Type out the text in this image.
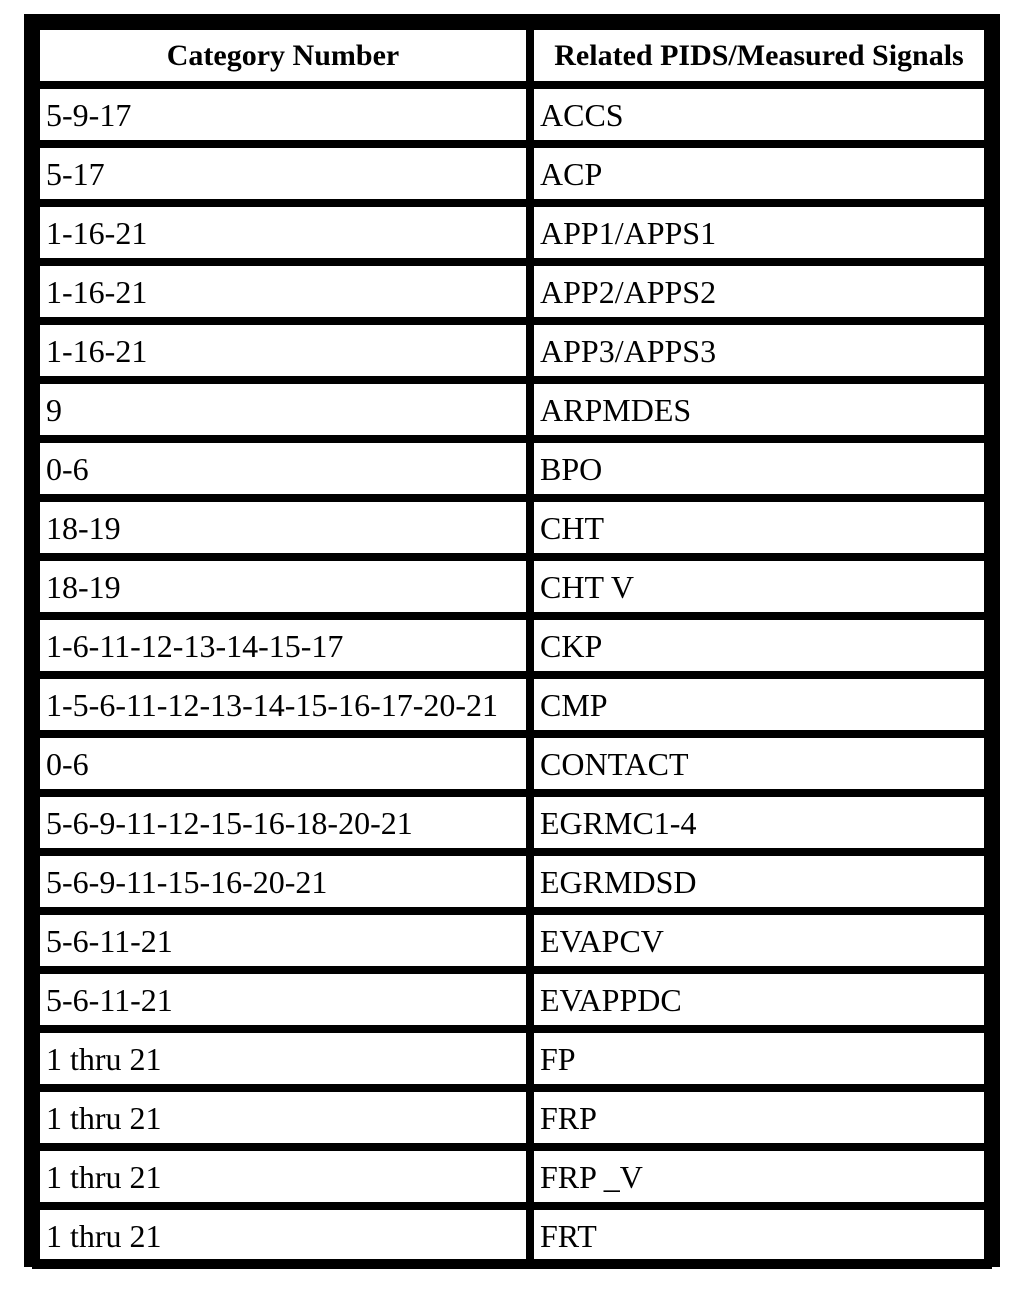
Category Number	Related PIDS/Measured Signals
5-9-17	ACCS
5-17	ACP
1-16-21	APP1/APPS1
1-16-21	APP2/APPS2
1-16-21	APP3/APPS3
9	ARPMDES
0-6	BPO
18-19	CHT
18-19	CHT V
1-6-11-12-13-14-15-17	CKP
1-5-6-11-12-13-14-15-16-17-20-21	CMP
0-6	CONTACT
5-6-9-11-12-15-16-18-20-21	EGRMC1-4
5-6-9-11-15-16-20-21	EGRMDSD
5-6-11-21	EVAPCV
5-6-11-21	EVAPPDC
1 thru 21	FP
1 thru 21	FRP
1 thru 21	FRP _V
1 thru 21	FRT
